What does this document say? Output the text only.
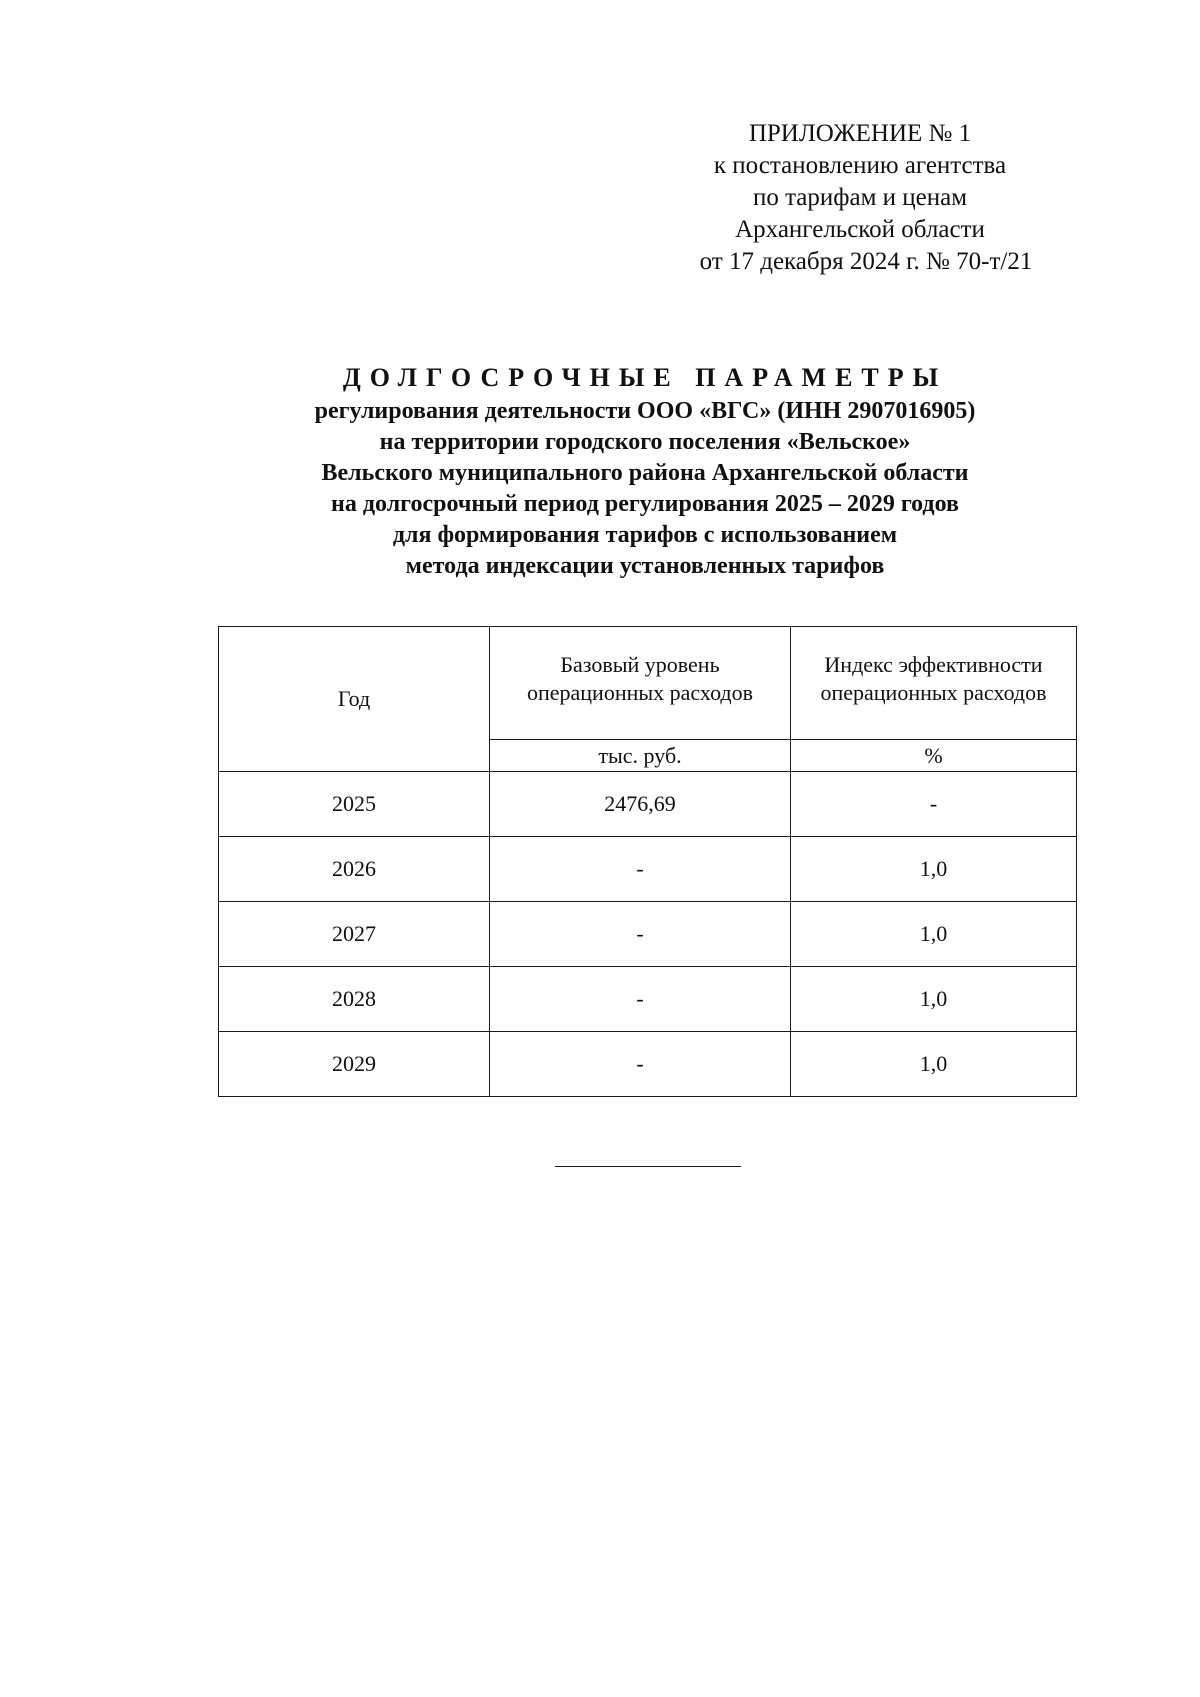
ПРИЛОЖЕНИЕ № 1
к постановлению агентства
по тарифам и ценам
Архангельской области
от 17 декабря 2024 г. № 70-т/21
ДОЛГОСРОЧНЫЕ ПАРАМЕТРЫ
регулирования деятельности ООО «ВГС» (ИНН 2907016905)
на территории городского поселения «Вельское»
Вельского муниципального района Архангельской области
на долгосрочный период регулирования 2025 – 2029 годов
для формирования тарифов с использованием
метода индексации установленных тарифов
Год	Базовый уровень операционных расходов	Индекс эффективности операционных расходов

	тыс. руб.	%
2025	2476,69	-
2026	-	1,0
2027	-	1,0
2028	-	1,0
2029	-	1,0
